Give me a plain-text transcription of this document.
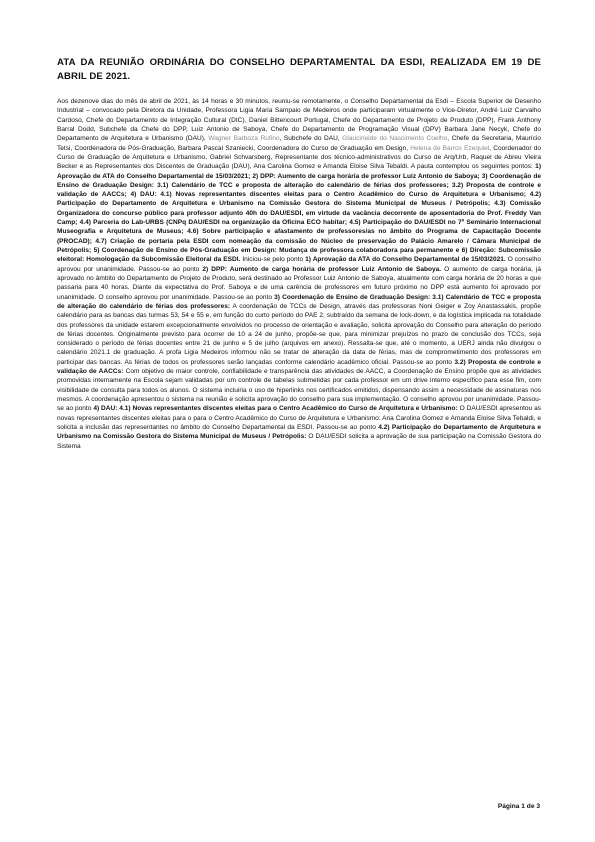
ATA DA REUNIÃO ORDINÁRIA DO CONSELHO DEPARTAMENTAL DA ESDI, REALIZADA EM 19 DE ABRIL DE 2021.
Aos dezenove dias do mês de abril de 2021, às 14 horas e 30 minutos, reuniu-se remotamente, o Conselho Departamental da Esdi – Escola Superior de Desenho Industrial – convocado pela Diretora da Unidade, Professora Ligia Maria Sampaio de Medeiros onde participaram virtualmente o Vice-Diretor, André Luiz Carvalho Cardoso, Chefe do Departamento de Integração Cultural (DIC), Daniel Bittencourt Portugal, Chefe do Departamento de Projeto de Produto (DPP), Frank Anthony Barral Dodd, Subchefe da Chefe do DPP, Luiz Antonio de Saboya, Chefe do Departamento de Programação Visual (DPV) Barbara Jane Necyk, Chefe do Departamento de Arquitetura e Urbanismo (DAU), Wagner Barboza Rufino, Subchefe do DAU, Glaucineide do Nascimento Coelho, Chefe da Secretaria, Maurício Tetsi, Coordenadora de Pós-Graduação, Barbara Pascal Szaniecki, Coordenadora do Curso de Graduação em Design, Helena de Barros Ezequiel, Coordenador do Curso de Graduação de Arquitetura e Urbanismo, Gabriel Schvarsberg, Representante dos técnico-administrativos do Curso de Arq/Urb, Raquel de Abreu Vieira Becker e as Representantes dos Discentes de Graduação (DAU), Ana Carolina Gomez e Amanda Eloise Silva Tebaldi. A pauta contemplou os seguintes pontos: 1) Aprovação de ATA do Conselho Departamental de 15/03/2021; 2) DPP: Aumento de carga horária de professor Luiz Antonio de Saboya; 3) Coordenação de Ensino de Graduação Design: 3.1) Calendário de TCC e proposta de alteração do calendário de férias dos professores; 3.2) Proposta de controle e validação de AACCs; 4) DAU: 4.1) Novas representantes discentes eleitas para o Centro Acadêmico do Curso de Arquitetura e Urbanismo; 4.2) Participação do Departamento de Arquitetura e Urbanismo na Comissão Gestora do Sistema Municipal de Museus / Petrópolis; 4.3) Comissão Organizadora do concurso público para professor adjunto 40h do DAU/ESDI, em virtude da vacância decorrente de aposentadoria do Prof. Freddy Van Camp; 4.4) Parceria do Lab-URBS (CNPq DAU/ESDI na organização da Oficina ECO habitar; 4.5) Participação do DAU/ESDI no 7º Seminário Internacional Museografia e Arquitetura de Museus; 4.6) Sobre participação e afastamento de professores/as no âmbito do Programa de Capacitação Docente (PROCAD); 4.7) Criação de portaria pela ESDI com nomeação da comissão do Núcleo de preservação do Palácio Amarelo / Câmara Municipal de Petrópolis; 5) Coordenação de Ensino de Pós-Graduação em Design: Mudança de professora colaboradora para permanente e 6) Direção: Subcomissão eleitoral: Homologação da Subcomissão Eleitoral da ESDI. Iniciou-se pelo ponto 1) Aprovação da ATA do Conselho Departamental de 15/03/2021. O conselho aprovou por unanimidade. Passou-se ao ponto 2) DPP: Aumento de carga horária de professor Luiz Antonio de Saboya. O aumento de carga horária, já aprovado no âmbito do Departamento de Projeto de Produto, será destinado ao Professor Luiz Antonio de Saboya, atualmente com carga horária de 20 horas e que passaria para 40 horas. Diante da expectativa do Prof. Saboya e de uma carência de professores em futuro próximo no DPP está aumento foi aprovado por unanimidade. O conselho aprovou por unanimidade. Passou-se ao ponto 3) Coordenação de Ensino de Graduação Design: 3.1) Calendário de TCC e proposta de alteração do calendário de férias dos professores: A coordenação de TCCs de Design, através das professoras Noni Geiger e Zoy Anastassakis, propõe calendário para as bancas das turmas 53, 54 e 55 e, em função do curto período do PAE 2, subtraído da semana de lock-down, e da logística implicada na totalidade dos professores da unidade estarem excepcionalmente envolvidos no processo de orientação e avaliação, solicita aprovação do Conselho para alteração do período de férias docentes. Originalmente previsto para ocorrer de 10 a 24 de junho, propõe-se que, para minimizar prejuízos no prazo de conclusão dos TCCs, seja considerado o período de férias docentes entre 21 de junho e 5 de julho (arquivos em anexo). Ressalta-se que, até o momento, a UERJ ainda não divulgou o calendário 2021.1 de graduação. A profa Ligia Medeiros informou não se tratar de alteração da data de férias, mas de comprometimento dos professores em participar das bancas. As férias de todos os professores serão lançadas conforme calendário acadêmico oficial. Passou-se ao ponto 3.2) Proposta de controle e validação de AACCs: Com objetivo de maior controle, confiabilidade e transparência das atividades de AACC, a Coordenação de Ensino propõe que as atividades promovidas internamente na Escola sejam validadas por um controle de tabelas submetidas por cada professor em um drive interno específico para esse fim, com visibilidade de consulta para todos os alunos. O sistema incluiria o uso de hiperlinks nos certificados emitidos, dispensando assim a necessidade de assinaturas nos mesmos. A coordenação apresentou o sistema na reunião e solicita aprovação do conselho para sua implementação. O conselho aprovou por unanimidade. Passou-se ao ponto 4) DAU: 4.1) Novas representantes discentes eleitas para o Centro Acadêmico do Curso de Arquitetura e Urbanismo: O DAU/ESDI apresentou as novas representantes discentes eleitas para o para o Centro Acadêmico do Curso de Arquitetura e Urbanismo: Ana Carolina Gomez e Amanda Eloise Silva Tebaldi, e solicita a inclusão das representantes no âmbito do Conselho Departamental da ESDI. Passou-se ao ponto 4.2) Participação do Departamento de Arquitetura e Urbanismo na Comissão Gestora do Sistema Municipal de Museus / Petrópolis: O DAU/ESDI solicita a aprovação de sua participação na Comissão Gestora do Sistema
Página 1 de 3
